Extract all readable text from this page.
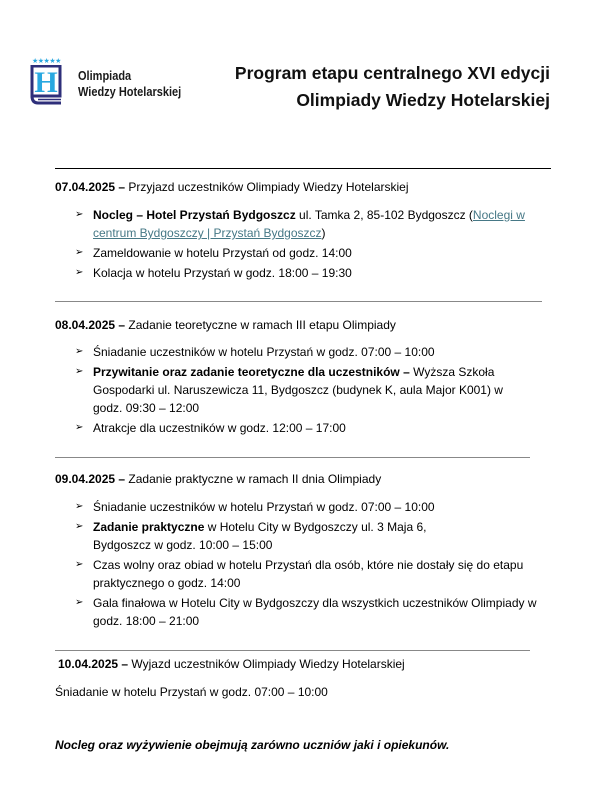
★★★★★
H Olimpiada
Wiedzy Hotelarskiej
Program etapu centralnego XVI edycji
Olimpiady Wiedzy Hotelarskiej
07.04.2025 – Przyjazd uczestników Olimpiady Wiedzy Hotelarskiej
➢ Nocleg – Hotel Przystań Bydgoszcz ul. Tamka 2, 85-102 Bydgoszcz (Noclegi w centrum Bydgoszczy | Przystań Bydgoszcz)
➢ Zameldowanie w hotelu Przystań od godz. 14:00
➢ Kolacja w hotelu Przystań w godz. 18:00 – 19:30
08.04.2025 – Zadanie teoretyczne w ramach III etapu Olimpiady
➢ Śniadanie uczestników w hotelu Przystań w godz. 07:00 – 10:00
➢ Przywitanie oraz zadanie teoretyczne dla uczestników – Wyższa Szkoła Gospodarki ul. Naruszewicza 11, Bydgoszcz (budynek K, aula Major K001) w godz. 09:30 – 12:00
➢ Atrakcje dla uczestników w godz. 12:00 – 17:00
09.04.2025 – Zadanie praktyczne w ramach II dnia Olimpiady
➢ Śniadanie uczestników w hotelu Przystań w godz. 07:00 – 10:00
➢ Zadanie praktyczne w Hotelu City w Bydgoszczy ul. 3 Maja 6, Bydgoszcz w godz. 10:00 – 15:00
➢ Czas wolny oraz obiad w hotelu Przystań dla osób, które nie dostały się do etapu praktycznego o godz. 14:00
➢ Gala finałowa w Hotelu City w Bydgoszczy dla wszystkich uczestników Olimpiady w godz. 18:00 – 21:00
10.04.2025 – Wyjazd uczestników Olimpiady Wiedzy Hotelarskiej
Śniadanie w hotelu Przystań w godz. 07:00 – 10:00
Nocleg oraz wyżywienie obejmują zarówno uczniów jaki i opiekunów.
